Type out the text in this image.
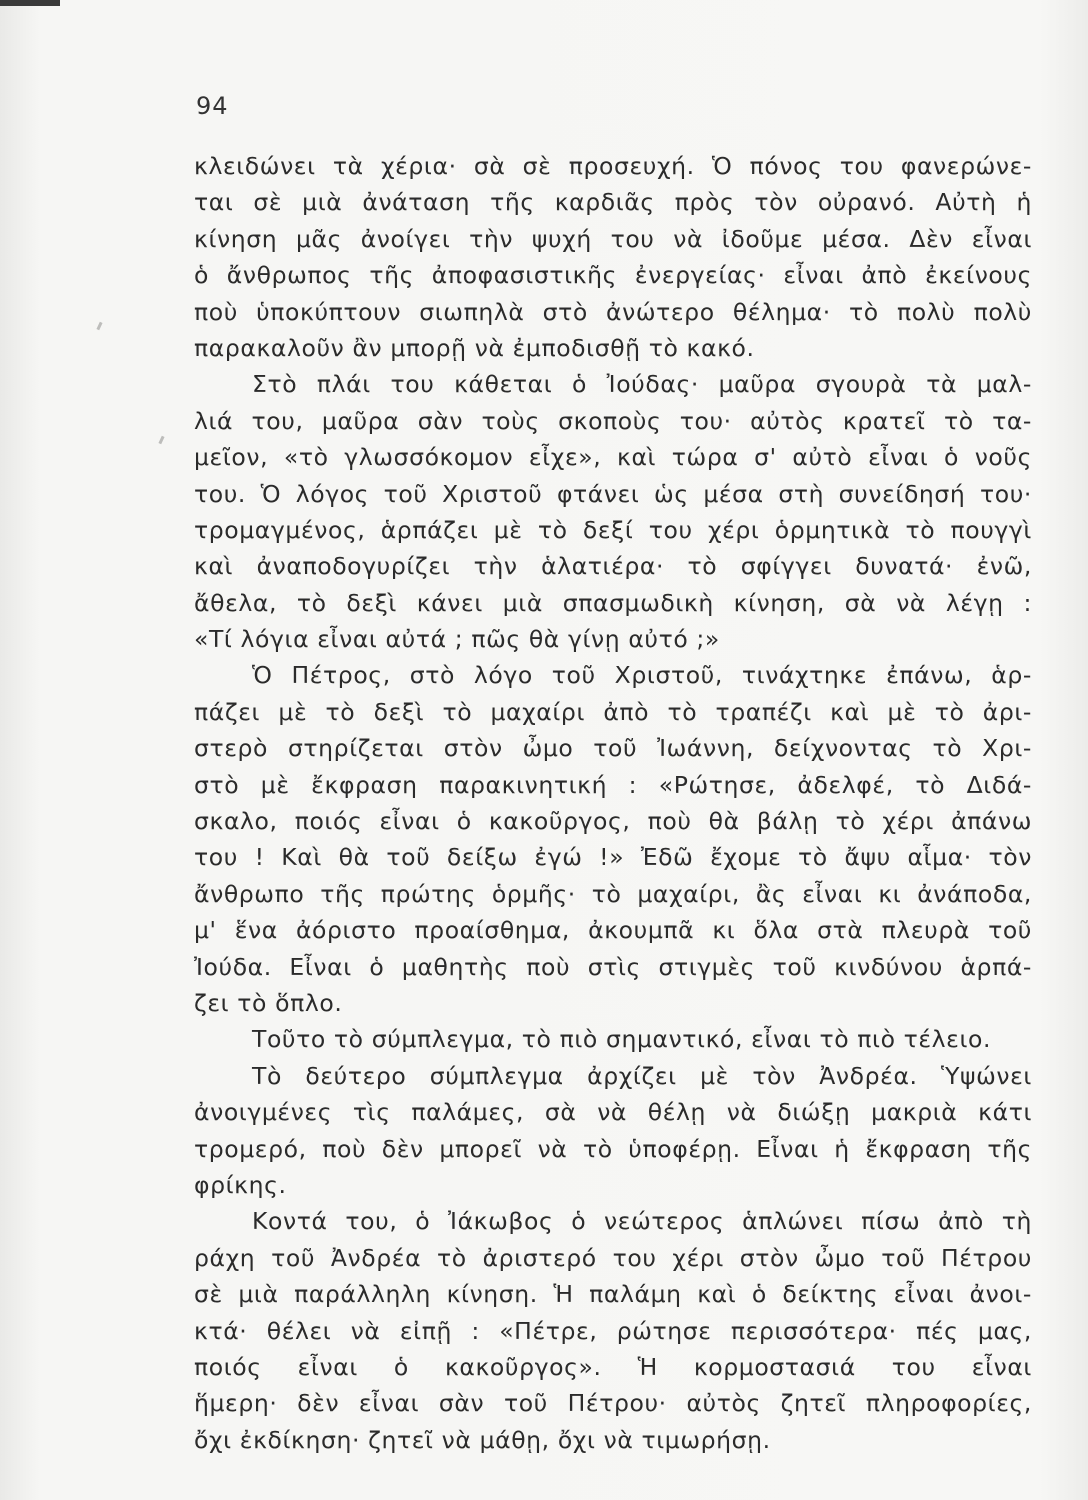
94
κλειδώνει τὰ χέρια· σὰ σὲ προσευχή. Ὁ πόνος του φανερώνε-
ται σὲ μιὰ ἀνάταση τῆς καρδιᾶς πρὸς τὸν οὐρανό. Αὐτὴ ἡ
κίνηση μᾶς ἀνοίγει τὴν ψυχή του νὰ ἰδοῦμε μέσα. Δὲν εἶναι
ὁ ἄνθρωπος τῆς ἀποφασιστικῆς ἐνεργείας· εἶναι ἀπὸ ἐκείνους
ποὺ ὑποκύπτουν σιωπηλὰ στὸ ἀνώτερο θέλημα· τὸ πολὺ πολὺ
παρακαλοῦν ἂν μπορῇ νὰ ἐμποδισθῇ τὸ κακό.
Στὸ πλάι του κάθεται ὁ Ἰούδας· μαῦρα σγουρὰ τὰ μαλ-
λιά του, μαῦρα σὰν τοὺς σκοποὺς του· αὐτὸς κρατεῖ τὸ τα-
μεῖον, «τὸ γλωσσόκομον εἶχε», καὶ τώρα σ' αὐτὸ εἶναι ὁ νοῦς
του. Ὁ λόγος τοῦ Χριστοῦ φτάνει ὡς μέσα στὴ συνείδησή του·
τρομαγμένος, ἁρπάζει μὲ τὸ δεξί του χέρι ὁρμητικὰ τὸ πουγγὶ
καὶ ἀναποδογυρίζει τὴν ἁλατιέρα· τὸ σφίγγει δυνατά· ἐνῶ,
ἄθελα, τὸ δεξὶ κάνει μιὰ σπασμωδικὴ κίνηση, σὰ νὰ λέγῃ :
«Τί λόγια εἶναι αὐτά ; πῶς θὰ γίνῃ αὐτό ;»
Ὁ Πέτρος, στὸ λόγο τοῦ Χριστοῦ, τινάχτηκε ἐπάνω, ἁρ-
πάζει μὲ τὸ δεξὶ τὸ μαχαίρι ἀπὸ τὸ τραπέζι καὶ μὲ τὸ ἀρι-
στερὸ στηρίζεται στὸν ὦμο τοῦ Ἰωάννη, δείχνοντας τὸ Χρι-
στὸ μὲ ἔκφραση παρακινητική : «Ρώτησε, ἀδελφέ, τὸ Διδά-
σκαλο, ποιός εἶναι ὁ κακοῦργος, ποὺ θὰ βάλῃ τὸ χέρι ἀπάνω
του ! Καὶ θὰ τοῦ δείξω ἐγώ !» Ἐδῶ ἔχομε τὸ ἄψυ αἷμα· τὸν
ἄνθρωπο τῆς πρώτης ὁρμῆς· τὸ μαχαίρι, ἂς εἶναι κι ἀνάποδα,
μ' ἕνα ἀόριστο προαίσθημα, ἀκουμπᾶ κι ὅλα στὰ πλευρὰ τοῦ
Ἰούδα. Εἶναι ὁ μαθητὴς ποὺ στὶς στιγμὲς τοῦ κινδύνου ἁρπά-
ζει τὸ ὅπλο.
Τοῦτο τὸ σύμπλεγμα, τὸ πιὸ σημαντικό, εἶναι τὸ πιὸ τέλειο.
Τὸ δεύτερο σύμπλεγμα ἀρχίζει μὲ τὸν Ἀνδρέα. Ὑψώνει
ἀνοιγμένες τὶς παλάμες, σὰ νὰ θέλῃ νὰ διώξῃ μακριὰ κάτι
τρομερό, ποὺ δὲν μπορεῖ νὰ τὸ ὑποφέρῃ. Εἶναι ἡ ἔκφραση τῆς
φρίκης.
Κοντά του, ὁ Ἰάκωβος ὁ νεώτερος ἁπλώνει πίσω ἀπὸ τὴ
ράχη τοῦ Ἀνδρέα τὸ ἀριστερό του χέρι στὸν ὦμο τοῦ Πέτρου
σὲ μιὰ παράλληλη κίνηση. Ἡ παλάμη καὶ ὁ δείκτης εἶναι ἀνοι-
κτά· θέλει νὰ εἰπῇ : «Πέτρε, ρώτησε περισσότερα· πές μας,
ποιός εἶναι ὁ κακοῦργος». Ἡ κορμοστασιά του εἶναι
ἥμερη· δὲν εἶναι σὰν τοῦ Πέτρου· αὐτὸς ζητεῖ πληροφορίες,
ὄχι ἐκδίκηση· ζητεῖ νὰ μάθῃ, ὄχι νὰ τιμωρήσῃ.
